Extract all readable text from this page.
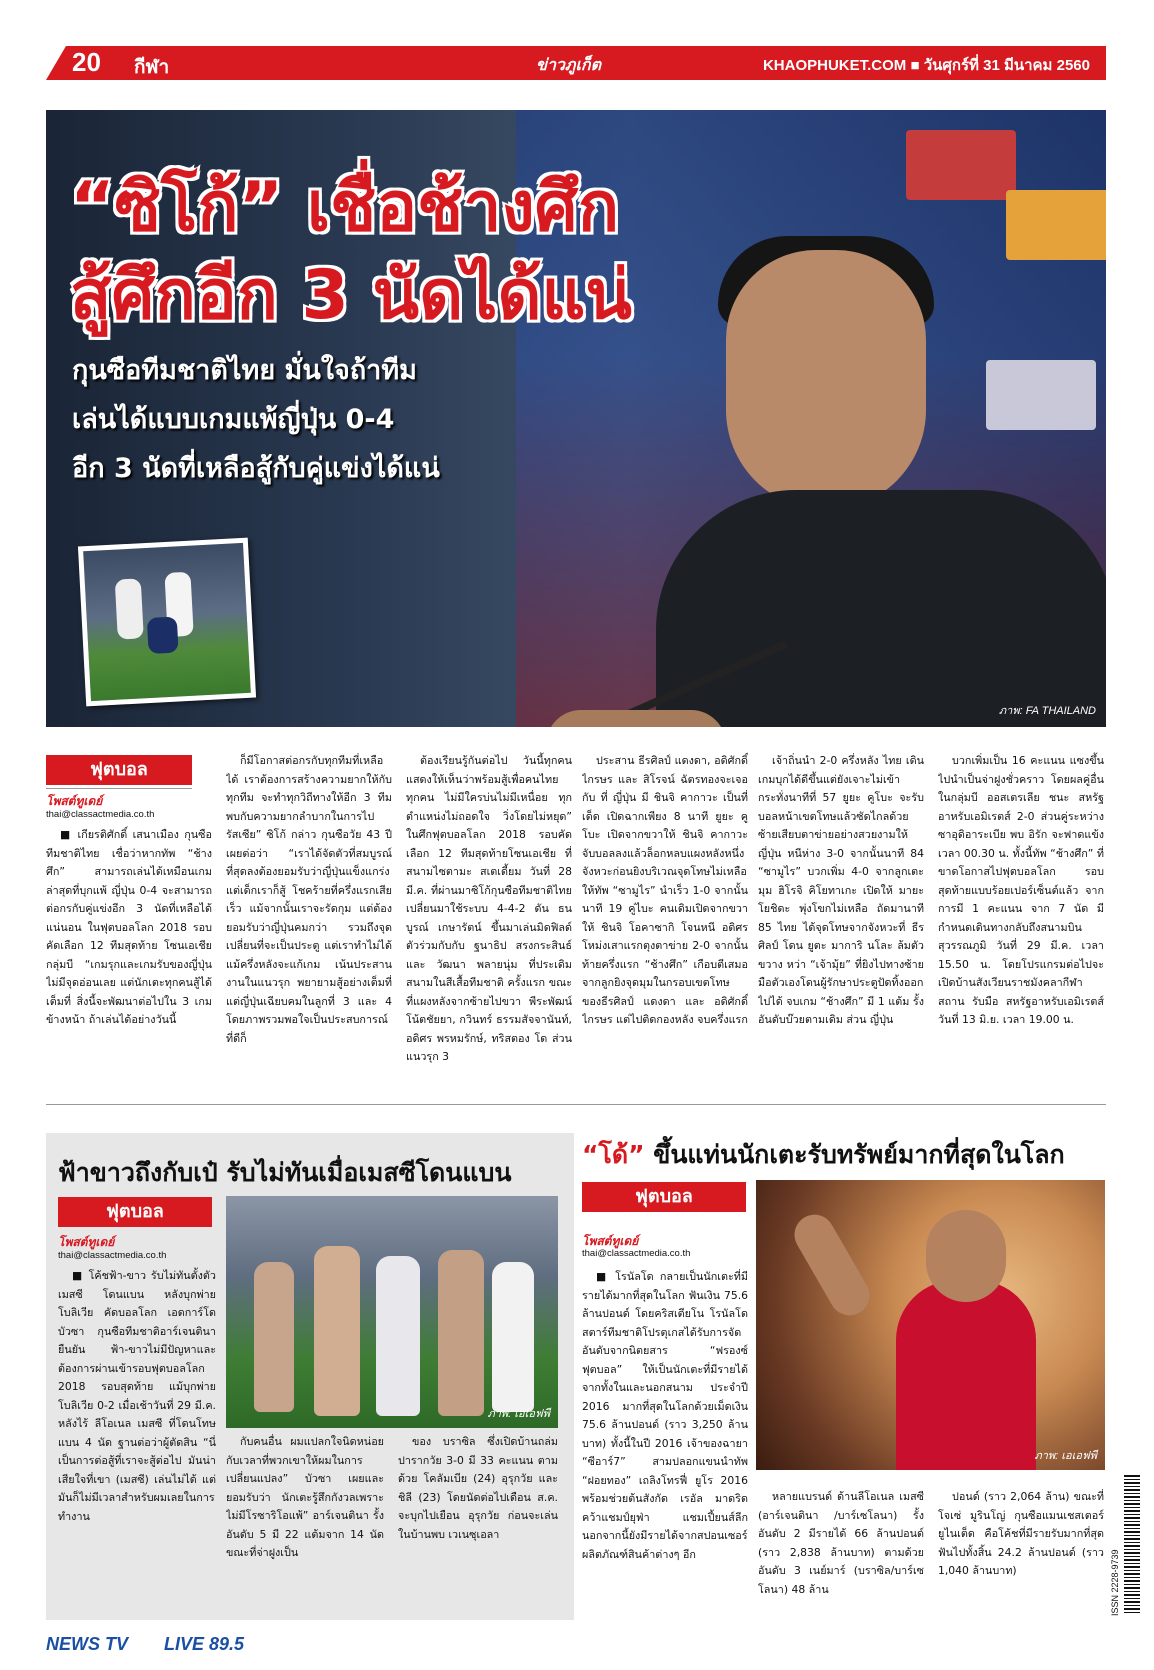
20 กีฬา	ข่าวภูเก็ต	KHAOPHUKET.COM ■ วันศุกร์ที่ 31 มีนาคม 2560
“ซิโก้” เชื่อช้างศึก
สู้ศึกอีก 3 นัดได้แน่
กุนซือทีมชาติไทย มั่นใจถ้าทีม
เล่นได้แบบเกมแพ้ญี่ปุ่น 0-4
อีก 3 นัดที่เหลือสู้กับคู่แข่งได้แน่
ภาพ: FA THAILAND
ฟุตบอล
โพสต์ทูเดย์
thai@classactmedia.co.th

■ เกียรติศักดิ์ เสนาเมือง กุนซือทีมชาติไทย เชื่อว่าหากทัพ “ช้างศึก” สามารถเล่นได้เหมือนเกมล่าสุดที่บุกแพ้ ญี่ปุ่น 0-4 จะสามารถต่อกรกับคู่แข่งอีก 3 นัดที่เหลือได้แน่นอน ในฟุตบอลโลก 2018 รอบคัดเลือก 12 ทีมสุดท้าย โซนเอเชีย กลุ่มบี “เกมรุกและเกมรับของญี่ปุ่นไม่มีจุดอ่อนเลย แต่นักเตะทุกคนสู้ได้เต็มที่ สิ่งนี้จะพัฒนาต่อไปใน 3 เกมข้างหน้า ถ้าเล่นได้อย่างวันนี้

ก็มีโอกาสต่อกรกับทุกทีมที่เหลือได้ เราต้องการสร้างความยากให้กับทุกทีม จะทำทุกวิถีทางให้อีก 3 ทีม พบกับความยากลำบากในการไปรัสเซีย” ซิโก้ กล่าว กุนซือวัย 43 ปี เผยต่อว่า “เราได้จัดตัวที่สมบูรณ์ที่สุดลงต้องยอมรับว่าญี่ปุ่นแข็งแกร่ง แต่เด็กเราก็สู้ โชคร้ายที่ครึ่งแรกเสียเร็ว แม้จากนั้นเราจะรัดกุม แต่ต้องยอมรับว่าญี่ปุ่นคมกว่า รวมถึงจุดเปลี่ยนที่จะเป็นประตู แต่เราทำไม่ได้ แม้ครึ่งหลังจะแก้เกม เน้นประสานงานในแนวรุก พยายามสู้อย่างเต็มที่ แต่ญี่ปุ่นเฉียบคมในลูกที่ 3 และ 4 โดยภาพรวมพอใจเป็นประสบการณ์ที่ดีก็

ต้องเรียนรู้กันต่อไป วันนี้ทุกคนแสดงให้เห็นว่าพร้อมสู้เพื่อคนไทยทุกคน ไม่มีใครบ่นไม่มีเหนื่อย ทุกตำแหน่งไม่ถอดใจ วิ่งโดยไม่หยุด” ในศึกฟุตบอลโลก 2018 รอบคัดเลือก 12 ทีมสุดท้ายโซนเอเชีย ที่สนามไซตามะ สเตเดี้ยม วันที่ 28 มี.ค. ที่ผ่านมาซิโก้กุนซือทีมชาติไทย เปลี่ยนมาใช้ระบบ 4-4-2 ดัน ธนบูรณ์ เกษารัตน์ ขึ้นมาเล่นมิดฟิลด์ตัวร่วมกับกับ ฐนาธิป สรงกระสินธ์ และ วัฒนา พลายนุ่ม ที่ประเดิมสนามในสีเสื้อทีมชาติ ครั้งแรก ขณะที่แผงหลังจากซ้ายไปขวา พีระพัฒน์ โน้ตชัยยา, กวินทร์ ธรรมสัจจานันท์, อดิศร พรหมรักษ์, ทริสตอง โด ส่วนแนวรุก 3

ประสาน ธีรศิลป์ แดงดา, อดิศักดิ์ ไกรษร และ สิโรจน์ ฉัตรทองจะเจอกับ ที่ ญี่ปุ่น มี ชินจิ คากาวะ เป็นที่เด็ด เปิดฉากเพียง 8 นาที ยูยะ คูโบะ เปิดจากขวาให้ ชินจิ คากาวะ จับบอลลงแล้วล็อกหลบแผงหลังหนึ่งจังหวะก่อนยิงบริเวณจุดโทษไม่เหลือให้ทัพ “ซามูไร” นำเร็ว 1-0 จากนั้นนาที 19 คู่ไบะ คนเดิมเปิดจากขวาให้ ชินจิ โอคาซากิ โจนหนี อดิศร โหม่งเสาแรกตุงตาข่าย 2-0 จากนั้นท้ายครึ่งแรก “ช้างศึก” เกือบตีเสมอจากลูกยิงจุดมุมในกรอบเขตโทษของธีรศิลป์ แดงดา และ อดิศักดิ์ ไกรษร แต่ไปติดกองหลัง จบครึ่งแรก

เจ้าถิ่นนำ 2-0 ครึ่งหลัง ไทย เดินเกมบุกได้ดีขึ้นแต่ยังเจาะไม่เข้า กระทั่งนาทีที่ 57 ยูยะ คูโบะ จะรับบอลหน้าเขตโทษแล้วซัดไกลด้วยซ้ายเสียบตาข่ายอย่างสวยงามให้ญี่ปุ่น หนีห่าง 3-0 จากนั้นนาที 84 “ซามูไร” บวกเพิ่ม 4-0 จากลูกเตะมุม ฮิโรจิ คิโยทาเกะ เปิดให้ มายะ โยชิดะ พุ่งโขกไม่เหลือ ถัดมานาที 85 ไทย ได้จุดโทษจากจังหวะที่ ธีรศิลป์ โดน ยูตะ มาการิ นโละ ล้มตัวขวาง หว่า “เจ้ามุ้ย” ที่ยิงไปทางซ้ายมือตัวเองโดนผู้รักษาประตูปัดทิ้งออกไปได้ จบเกม “ช้างศึก” มี 1 แต้ม รั้งอันดับบ๊วยตามเดิม ส่วน ญี่ปุ่น

บวกเพิ่มเป็น 16 คะแนน แซงขึ้นไปนำเป็นจ่าฝูงชั่วคราว โดยผลคู่อื่นในกลุ่มบี ออสเตรเลีย ชนะ สหรัฐอาหรับเอมิเรตส์ 2-0 ส่วนคู่ระหว่าง ซาอุดิอาระเบีย พบ อิรัก จะฟาดแข้งเวลา 00.30 น. ทั้งนี้ทัพ “ช้างศึก” ที่ขาดโอกาสไปฟุตบอลโลก รอบสุดท้ายแบบร้อยเปอร์เซ็นต์แล้ว จากการมี 1 คะแนน จาก 7 นัด มีกำหนดเดินทางกลับถึงสนามบินสุวรรณภูมิ วันที่ 29 มี.ค. เวลา 15.50 น. โดยโปรแกรมต่อไปจะเปิดบ้านสังเวียนราชมังคลากีฬาสถาน รับมือ สหรัฐอาหรับเอมิเรตส์ วันที่ 13 มิ.ย. เวลา 19.00 น.

ฟ้าขาวถึงกับเป๋ รับไม่ทันเมื่อเมสซีโดนแบน
ฟุตบอล
โพสต์ทูเดย์
thai@classactmedia.co.th

■ โค้ชฟ้า-ขาว รับไม่ทันตั้งตัว เมสซี โดนแบน หลังบุกพ่าย โบลิเวีย คัดบอลโลก เอดการ์โด บัวซา กุนซือทีมชาติอาร์เจนตินา ยืนยัน ฟ้า-ขาวไม่มีปัญหาและต้องการผ่านเข้ารอบฟุตบอลโลก 2018 รอบสุดท้าย แม้บุกพ่าย โบลิเวีย 0-2 เมื่อเช้าวันที่ 29 มี.ค. หลังไร้ ลีโอเนล เมสซี ที่โดนโทษแบน 4 นัด ฐานต่อว่าผู้ตัดสิน “นี่เป็นการต่อสู้ที่เราจะสู้ต่อไป มันน่าเสียใจที่เขา (เมสซี) เล่นไม่ได้ แต่มันก็ไม่มีเวลาสำหรับผมเลยในการทำงาน

ภาพ: เอเอฟพี

กับคนอื่น ผมแปลกใจนิดหน่อยกับเวลาที่พวกเขาให้ผมในการเปลี่ยนแปลง” บัวซา เผยและยอมรับว่า นักเตะรู้สึกกังวลเพราะไม่มีโรซาริโอแพ้” อาร์เจนตินา รั้งอันดับ 5 มี 22 แต้มจาก 14 นัด ขณะที่จ่าฝูงเป็น

ของ บราซิล ซึ่งเปิดบ้านถล่ม ปารากวัย 3-0 มี 33 คะแนน ตามด้วย โคลัมเบีย (24) อุรุกวัย และชิลี (23) โดยนัดต่อไปเดือน ส.ค. จะบุกไปเยือน อุรุกวัย ก่อนจะเล่นในบ้านพบ เวเนซุเอลา

“โด้” ขึ้นแท่นนักเตะรับทรัพย์มากที่สุดในโลก
ฟุตบอล
โพสต์ทูเดย์
thai@classactmedia.co.th

■ โรนัลโด กลายเป็นนักเตะที่มีรายได้มากที่สุดในโลก ฟันเงิน 75.6 ล้านปอนด์ โดยคริสเตียโน โรนัลโด สตาร์ทีมชาติโปรตุเกสได้รับการจัดอันดับจากนิตยสาร “ฟรองซ์ ฟุตบอล” ให้เป็นนักเตะที่มีรายได้จากทั้งในและนอกสนาม ประจำปี 2016 มากที่สุดในโลกด้วยเม็ดเงิน 75.6 ล้านปอนด์ (ราว 3,250 ล้านบาท) ทั้งนี้ในปี 2016 เจ้าของฉายา “ซีอาร์7” สามปลอกแขนนำทัพ “ฝอยทอง” เถลิงโทรฟี่ ยูโร 2016 พร้อมช่วยต้นสังกัด เรอัล มาดริด คว้าแชมป์ยุฟ่า แชมเปี้ยนส์ลีก นอกจากนี้ยังมีรายได้จากสปอนเซอร์ผลิตภัณฑ์สินค้าต่างๆ อีก

ภาพ: เอเอฟพี

หลายแบรนด์ ด้านลีโอเนล เมสซี (อาร์เจนตินา /บาร์เซโลนา) รั้งอันดับ 2 มีรายได้ 66 ล้านปอนด์ (ราว 2,838 ล้านบาท) ตามด้วยอันดับ 3 เนย์มาร์ (บราซิล/บาร์เซโลนา) 48 ล้าน

ปอนด์ (ราว 2,064 ล้าน) ขณะที่ โจเซ่ มูรินโญ่ กุนซือแมนเชสเตอร์ ยูไนเต็ด คือโค้ชที่มีรายรับมากที่สุด ฟันไปทั้งสิ้น 24.2 ล้านปอนด์ (ราว 1,040 ล้านบาท)

NEWS TV LIVE 89.5
ISSN 2228-9739
